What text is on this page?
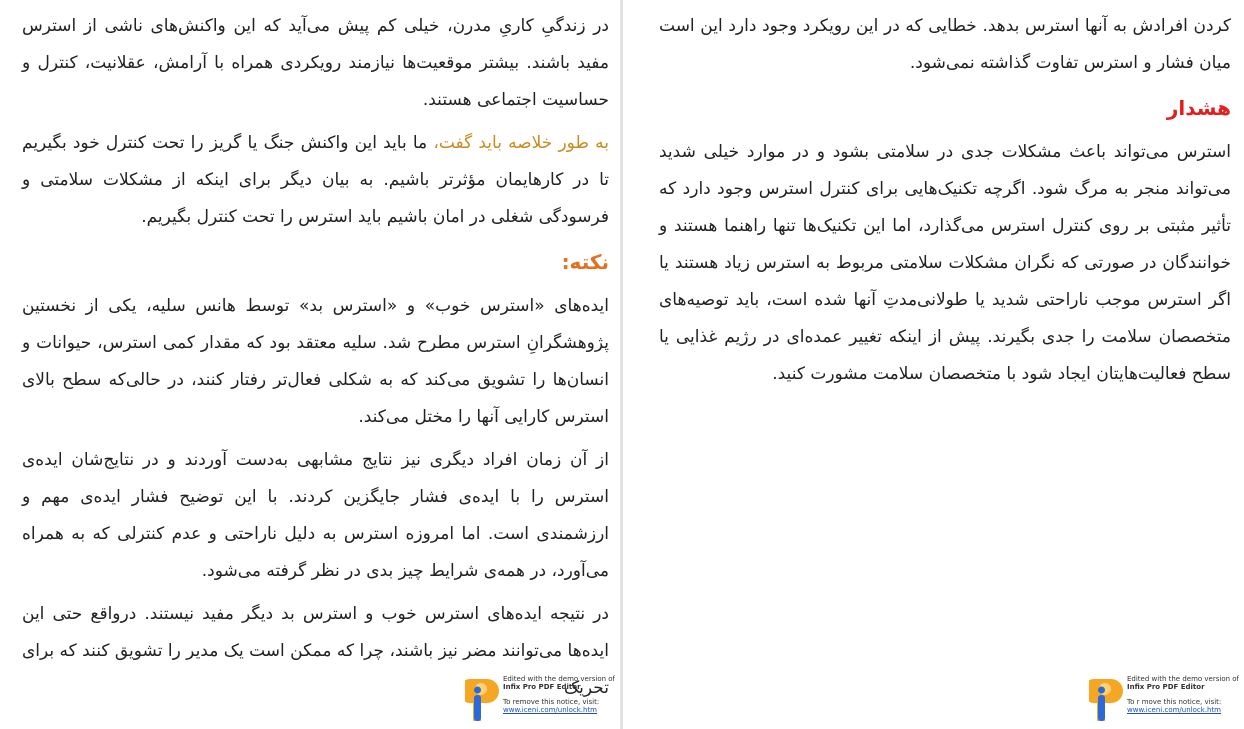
در زندگیِ کاریِ مدرن، خیلی کم پیش می‌آید که این واکنش‌های ناشی از استرس مفید باشند. بیشتر موقعیت‌ها نیازمند رویکردی همراه با آرامش، عقلانیت، کنترل و حساسیت اجتماعی هستند.

به طور خلاصه باید گفت، ما باید این واکنش جنگ یا گریز را تحت کنترل خود بگیریم تا در کارهایمان مؤثرتر باشیم. به بیان دیگر برای اینکه از مشکلات سلامتی و فرسودگی شغلی در امان باشیم باید استرس را تحت کنترل بگیریم.

نکته:

ایده‌های «استرس خوب» و «استرس بد» توسط هانس سلیه، یکی از نخستین پژوهشگرانِ استرس مطرح شد. سلیه معتقد بود که مقدار کمی استرس، حیوانات و انسان‌ها را تشویق می‌کند که به شکلی فعال‌تر رفتار کنند، در حالی‌که سطح بالای استرس کارایی آنها را مختل می‌کند.

از آن زمان افراد دیگری نیز نتایج مشابهی به‌دست آوردند و در نتایج‌شان ایده‌ی استرس را با ایده‌ی فشار جایگزین کردند. با این توضیح فشار ایده‌ی مهم و ارزشمندی است. اما امروزه استرس به دلیل ناراحتی و عدم کنترلی که به همراه می‌آورد، در همه‌ی شرایط چیز بدی در نظر گرفته می‌شود.

در نتیجه ایده‌های استرس خوب و استرس بد دیگر مفید نیستند. درواقع حتی این ایده‌ها می‌توانند مضر نیز باشند، چرا که ممکن است یک مدیر را تشویق کنند که برای تحریک

Edited with the demo version of
Infix Pro PDF Editor
To remove this notice, visit:
www.iceni.com/unlock.htm

کردن افرادش به آنها استرس بدهد. خطایی که در این رویکرد وجود دارد این است میان فشار و استرس تفاوت گذاشته نمی‌شود.

هشدار

استرس می‌تواند باعث مشکلات جدی در سلامتی بشود و در موارد خیلی شدید می‌تواند منجر به مرگ شود. اگرچه تکنیک‌هایی برای کنترل استرس وجود دارد که تأثیر مثبتی بر روی کنترل استرس می‌گذارد، اما این تکنیک‌ها تنها راهنما هستند و خوانندگان در صورتی که نگران مشکلات سلامتی مربوط به استرس زیاد هستند یا اگر استرس موجب ناراحتی شدید یا طولانی‌مدتِ آنها شده است، باید توصیه‌های متخصصان سلامت را جدی بگیرند. پیش از اینکه تغییر عمده‌ای در رژیم غذایی یا سطح فعالیت‌هایتان ایجاد شود با متخصصان سلامت مشورت کنید.

Edited with the demo version of
Infix Pro PDF Editor
To r move this notice, visit:
www.iceni.com/unlock.htm
